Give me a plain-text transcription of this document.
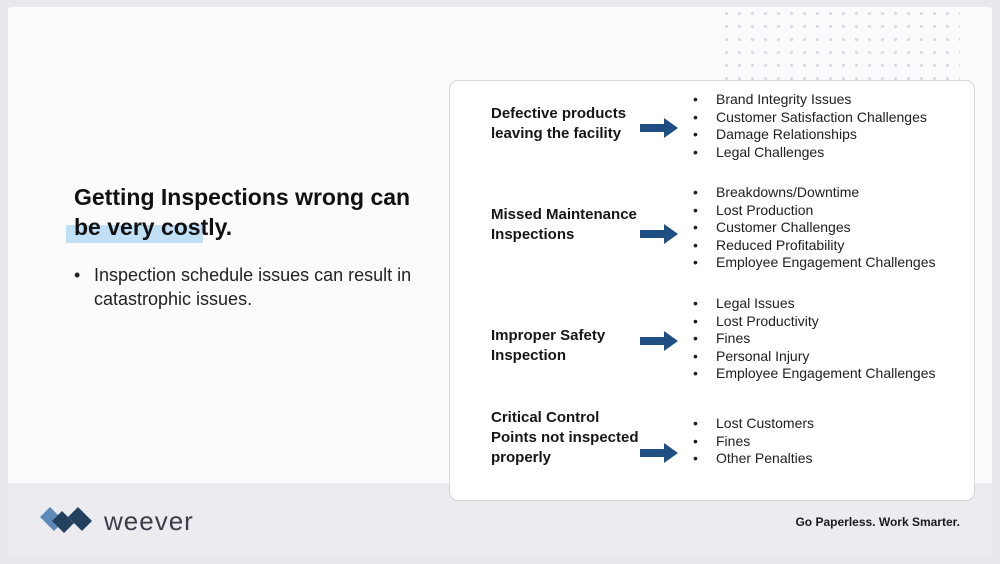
Getting Inspections wrong can be very costly.
• Inspection schedule issues can result in catastrophic issues.
Defective products leaving the facility
• Brand Integrity Issues
• Customer Satisfaction Challenges
• Damage Relationships
• Legal Challenges
Missed Maintenance Inspections
• Breakdowns/Downtime
• Lost Production
• Customer Challenges
• Reduced Profitability
• Employee Engagement Challenges
Improper Safety Inspection
• Legal Issues
• Lost Productivity
• Fines
• Personal Injury
• Employee Engagement Challenges
Critical Control Points not inspected properly
• Lost Customers
• Fines
• Other Penalties
weever	Go Paperless. Work Smarter.
